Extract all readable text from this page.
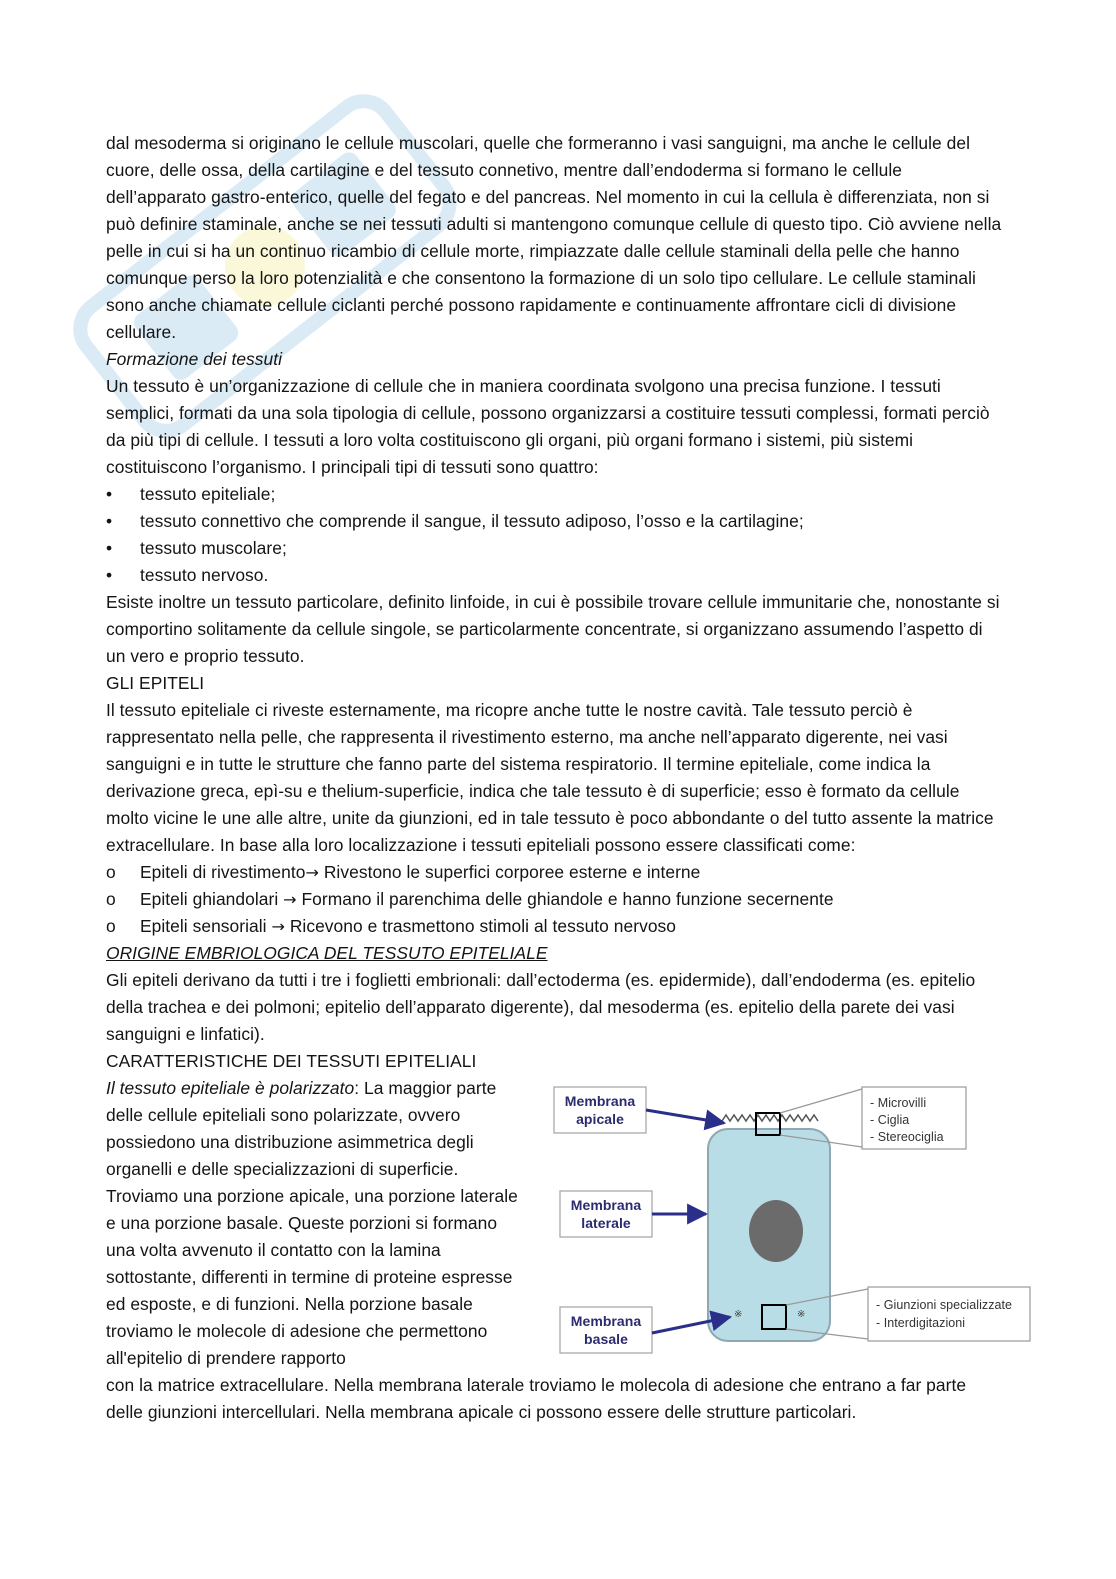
dal mesoderma si originano le cellule muscolari, quelle che formeranno i vasi sanguigni, ma anche le cellule del cuore, delle ossa, della cartilagine e del tessuto connetivo, mentre dall’endoderma si formano le cellule dell’apparato gastro-enterico, quelle del fegato e del pancreas. Nel momento in cui la cellula è differenziata, non si può definire staminale, anche se nei tessuti adulti si mantengono comunque cellule di questo tipo. Ciò avviene nella pelle in cui si ha un continuo ricambio di cellule morte, rimpiazzate dalle cellule staminali della pelle che hanno comunque perso la loro potenzialità e che consentono la formazione di un solo tipo cellulare. Le cellule staminali sono anche chiamate cellule ciclanti perché possono rapidamente e continuamente affrontare cicli di divisione cellulare.

Formazione dei tessuti

Un tessuto è un’organizzazione di cellule che in maniera coordinata svolgono una precisa funzione. I tessuti semplici, formati da una sola tipologia di cellule, possono organizzarsi a costituire tessuti complessi, formati perciò da più tipi di cellule. I tessuti a loro volta costituiscono gli organi, più organi formano i sistemi, più sistemi costituiscono l’organismo. I principali tipi di tessuti sono quattro:

•	tessuto epiteliale;
•	tessuto connettivo che comprende il sangue, il tessuto adiposo, l’osso e la cartilagine;
•	tessuto muscolare;
•	tessuto nervoso.

Esiste inoltre un tessuto particolare, definito linfoide, in cui è possibile trovare cellule immunitarie che, nonostante si comportino solitamente da cellule singole, se particolarmente concentrate, si organizzano assumendo l’aspetto di un vero e proprio tessuto.

GLI EPITELI

Il tessuto epiteliale ci riveste esternamente, ma ricopre anche tutte le nostre cavità. Tale tessuto perciò è rappresentato nella pelle, che rappresenta il rivestimento esterno, ma anche nell’apparato digerente, nei vasi sanguigni e in tutte le strutture che fanno parte del sistema respiratorio. Il termine epiteliale, come indica la derivazione greca, epì-su e thelium-superficie, indica che tale tessuto è di superficie; esso è formato da cellule molto vicine le une alle altre, unite da giunzioni, ed in tale tessuto è poco abbondante o del tutto assente la matrice extracellulare. In base alla loro localizzazione i tessuti epiteliali possono essere classificati come:

o	Epiteli di rivestimento→ Rivestono le superfici corporee esterne e interne
o	Epiteli ghiandolari → Formano il parenchima delle ghiandole e hanno funzione secernente
o	Epiteli sensoriali → Ricevono e trasmettono stimoli al tessuto nervoso

ORIGINE EMBRIOLOGICA DEL TESSUTO EPITELIALE

Gli epiteli derivano da tutti i tre i foglietti embrionali: dall’ectoderma (es. epidermide), dall’endoderma (es. epitelio della trachea e dei polmoni; epitelio dell’apparato digerente), dal mesoderma (es. epitelio della parete dei vasi sanguigni e linfatici).

CARATTERISTICHE DEI TESSUTI EPITELIALI

Il tessuto epiteliale è polarizzato: La maggior parte delle cellule epiteliali sono polarizzate, ovvero possiedono una distribuzione asimmetrica degli organelli e delle specializzazioni di superficie. Troviamo una porzione apicale, una porzione laterale e una porzione basale. Queste porzioni si formano una volta avvenuto il contatto con la lamina sottostante, differenti in termine di proteine espresse ed esposte, e di funzioni. Nella porzione basale troviamo le molecole di adesione che permettono all'epitelio di prendere rapporto

※	※
- Microvilli
- Ciglia
- Stereociglia
- Giunzioni specializzate
- Interdigitazioni
Membrana
apicale
Membrana
laterale
Membrana
basale

con la matrice extracellulare. Nella membrana laterale troviamo le molecola di adesione che entrano a far parte delle giunzioni intercellulari. Nella membrana apicale ci possono essere delle strutture particolari.
